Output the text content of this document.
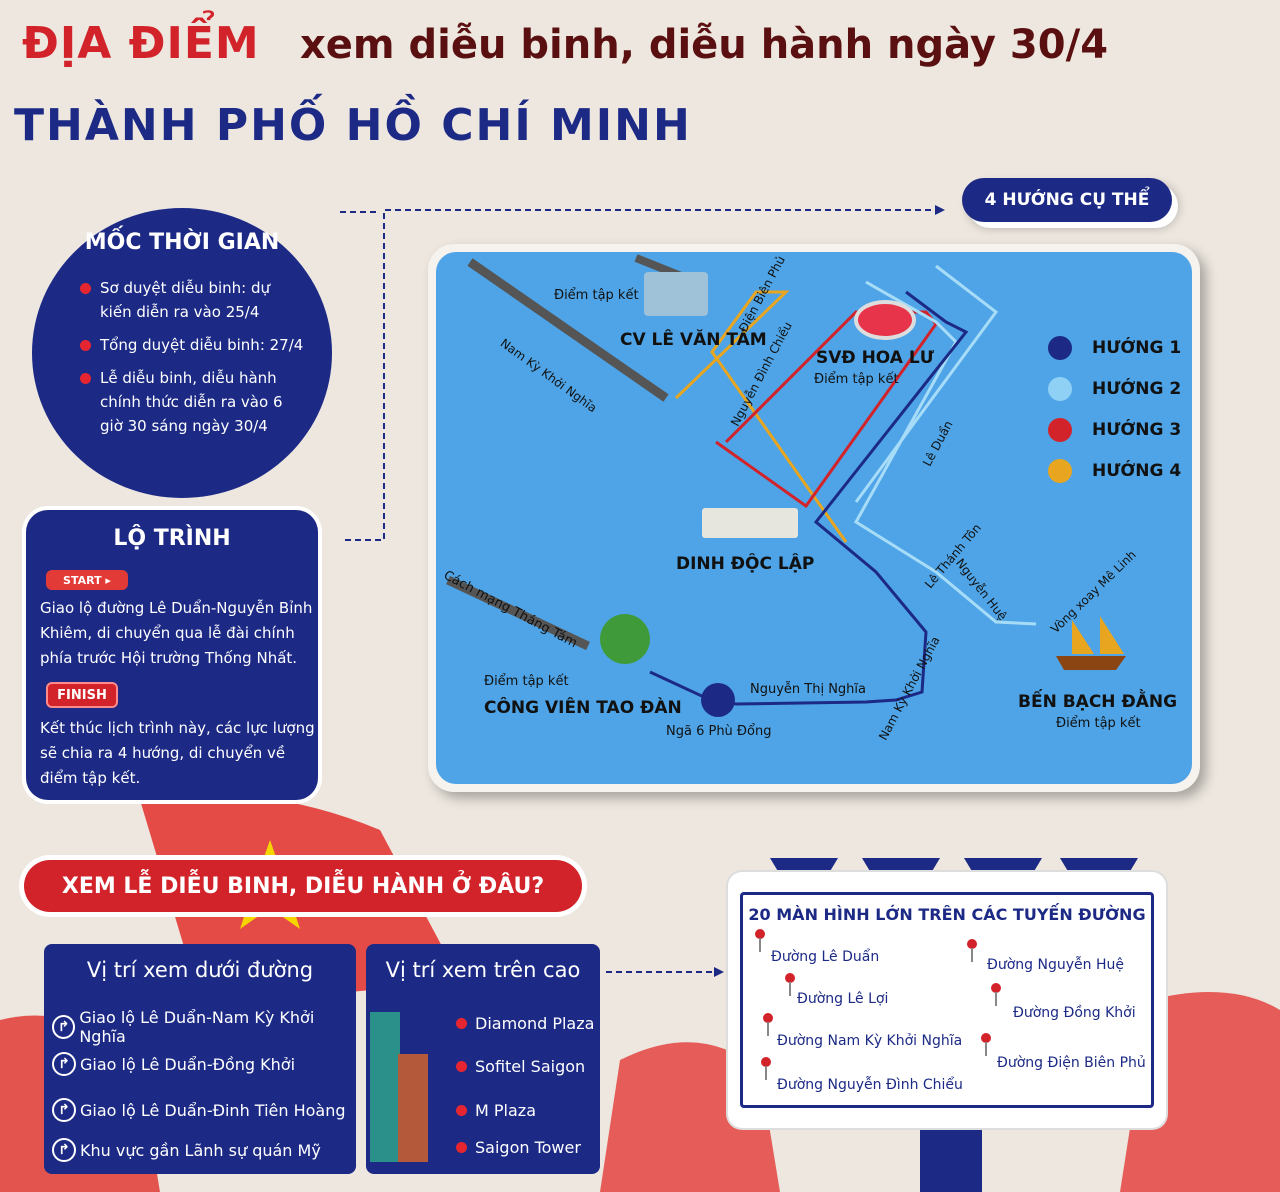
ĐỊA ĐIỂM xem diễu binh, diễu hành ngày 30/4
THÀNH PHỐ HỒ CHÍ MINH
4 HƯỚNG CỤ THỂ
MỐC THỜI GIAN
Sơ duyệt diễu binh: dự kiến diễn ra vào 25/4
Tổng duyệt diễu binh: 27/4
Lễ diễu binh, diễu hành chính thức diễn ra vào 6 giờ 30 sáng ngày 30/4
LỘ TRÌNH
START ▸

Giao lộ đường Lê Duẩn-Nguyễn Bỉnh Khiêm, di chuyển qua lễ đài chính phía trước Hội trường Thống Nhất.

FINISH

Kết thúc lịch trình này, các lực lượng sẽ chia ra 4 hướng, di chuyển về điểm tập kết.

CV LÊ VĂN TÁM
Điểm tập kết
SVĐ HOA LƯ
Điểm tập kết
DINH ĐỘC LẬP
Điểm tập kết
CÔNG VIÊN TAO ĐÀN	BẾN BẠCH ĐẰNG
Điểm tập kết
Nam Kỳ Khởi Nghĩa
Điện Biên Phủ
Nguyễn Đình Chiểu
Lê Duẩn
Lê Thánh Tôn
Nguyễn Huệ	Vòng xoay Mê Linh
Cách mạng Tháng Tám
Nguyễn Thị Nghĩa Nam Kỳ Khởi Nghĩa
Ngã 6 Phù Đổng
HƯỚNG 1
HƯỚNG 2
HƯỚNG 3
HƯỚNG 4
XEM LỄ DIỄU BINH, DIỄU HÀNH Ở ĐÂU?
Vị trí xem dưới đường
↱ Giao lộ Lê Duẩn-Nam Kỳ Khởi Nghĩa
↱ Giao lộ Lê Duẩn-Đồng Khởi
↱ Giao lộ Lê Duẩn-Đinh Tiên Hoàng
↱ Khu vực gần Lãnh sự quán Mỹ
Vị trí xem trên cao
Diamond Plaza
Sofitel Saigon
M Plaza
Saigon Tower
20 MÀN HÌNH LỚN TRÊN CÁC TUYẾN ĐƯỜNG
Đường Lê Duẩn	Đường Nguyễn Huệ
Đường Lê Lợi
Đường Đồng Khởi
Đường Nam Kỳ Khởi Nghĩa
Đường Điện Biên Phủ
Đường Nguyễn Đình Chiểu
